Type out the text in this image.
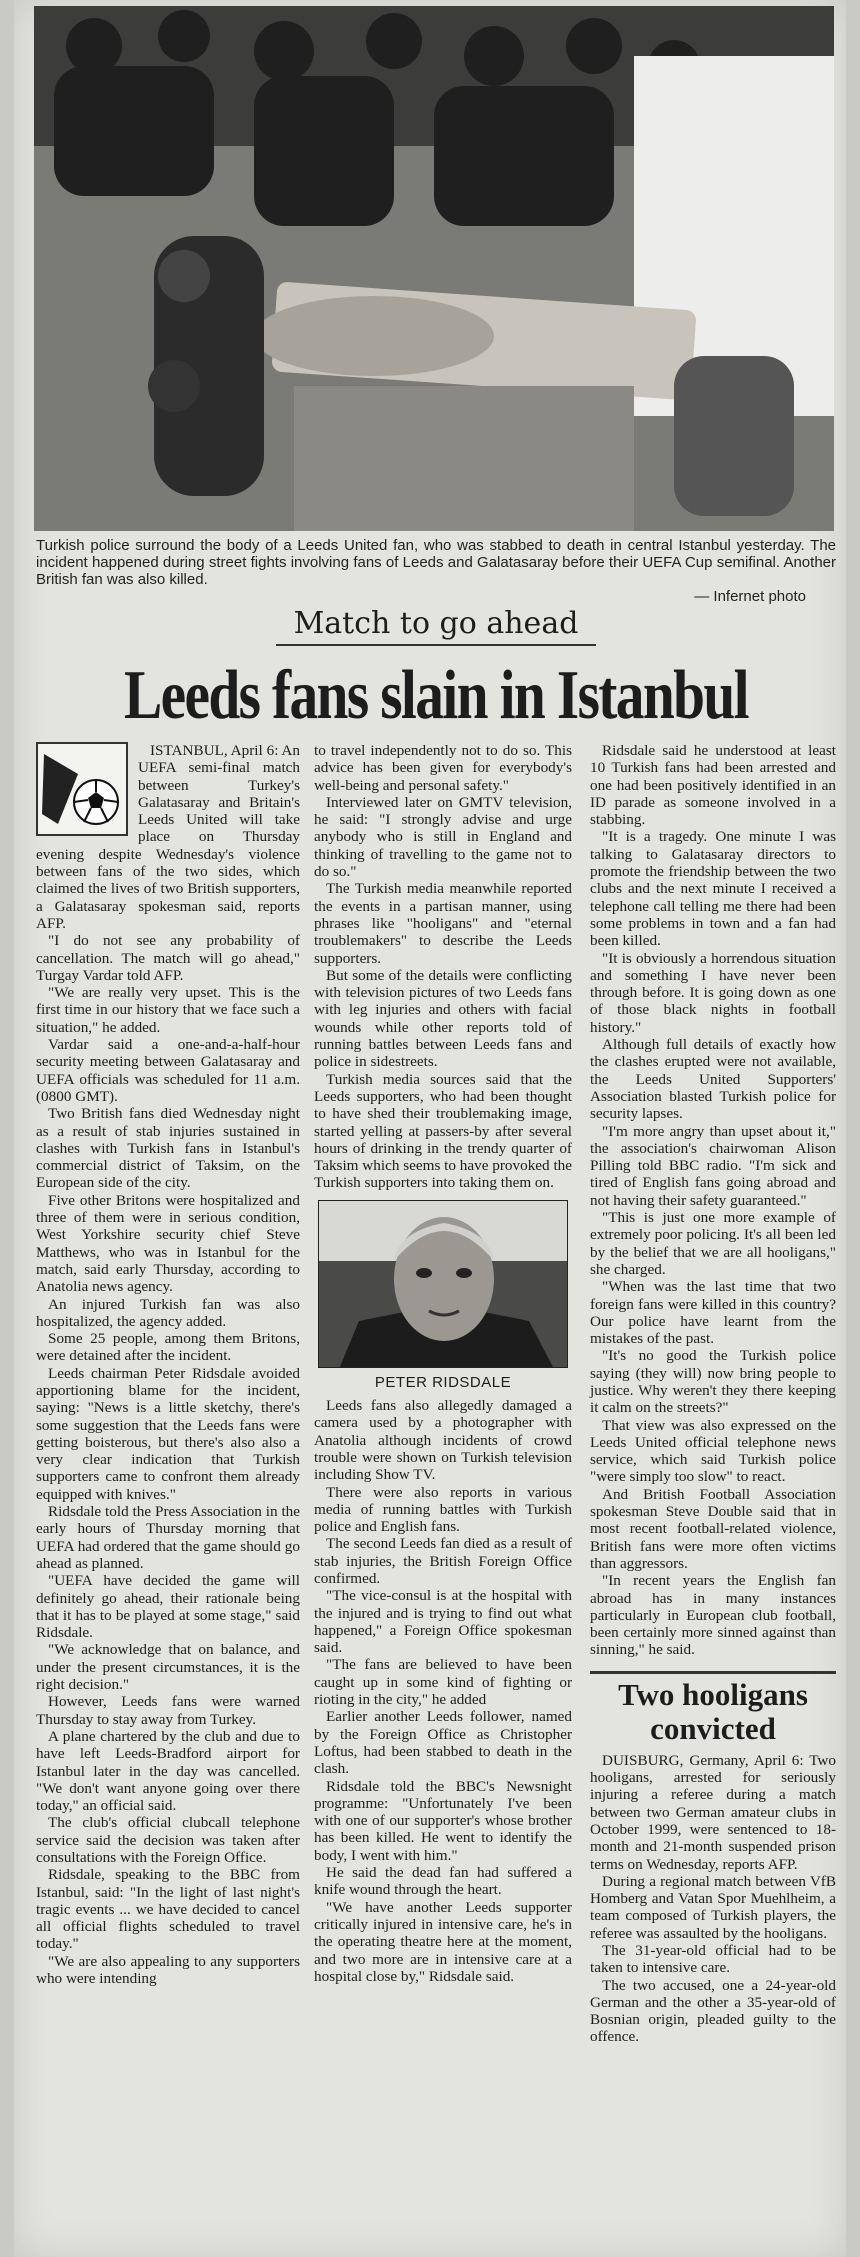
Turkish police surround the body of a Leeds United fan, who was stabbed to death in central Istanbul yesterday. The incident happened during street fights involving fans of Leeds and Galatasaray before their UEFA Cup semifinal. Another British fan was also killed.
— Infernet photo
Match to go ahead
Leeds fans slain in Istanbul

ISTANBUL, April 6: An UEFA semi-final match between Turkey's Galatasaray and Britain's Leeds United will take place on Thursday evening despite Wednesday's violence between fans of the two sides, which claimed the lives of two British supporters, a Galatasaray spokesman said, reports AFP.

"I do not see any probability of cancellation. The match will go ahead," Turgay Vardar told AFP.

"We are really very upset. This is the first time in our history that we face such a situation," he added.

Vardar said a one-and-a-half-hour security meeting between Galatasaray and UEFA officials was scheduled for 11 a.m. (0800 GMT).

Two British fans died Wednesday night as a result of stab injuries sustained in clashes with Turkish fans in Istanbul's commercial district of Taksim, on the European side of the city.

Five other Britons were hospitalized and three of them were in serious condition, West Yorkshire security chief Steve Matthews, who was in Istanbul for the match, said early Thursday, according to Anatolia news agency.

An injured Turkish fan was also hospitalized, the agency added.

Some 25 people, among them Britons, were detained after the incident.

Leeds chairman Peter Ridsdale avoided apportioning blame for the incident, saying: "News is a little sketchy, there's some suggestion that the Leeds fans were getting boisterous, but there's also also a very clear indication that Turkish supporters came to confront them already equipped with knives."

Ridsdale told the Press Association in the early hours of Thursday morning that UEFA had ordered that the game should go ahead as planned.

"UEFA have decided the game will definitely go ahead, their rationale being that it has to be played at some stage," said Ridsdale.

"We acknowledge that on balance, and under the present circumstances, it is the right decision."

However, Leeds fans were warned Thursday to stay away from Turkey.

A plane chartered by the club and due to have left Leeds-Bradford airport for Istanbul later in the day was cancelled. "We don't want anyone going over there today," an official said.

The club's official clubcall telephone service said the decision was taken after consultations with the Foreign Office.

Ridsdale, speaking to the BBC from Istanbul, said: "In the light of last night's tragic events ... we have decided to cancel all official flights scheduled to travel today."

"We are also appealing to any supporters who were intending

to travel independently not to do so. This advice has been given for everybody's well-being and personal safety."

Interviewed later on GMTV television, he said: "I strongly advise and urge anybody who is still in England and thinking of travelling to the game not to do so."

The Turkish media meanwhile reported the events in a partisan manner, using phrases like "hooligans" and "eternal troublemakers" to describe the Leeds supporters.

But some of the details were conflicting with television pictures of two Leeds fans with leg injuries and others with facial wounds while other reports told of running battles between Leeds fans and police in sidestreets.

Turkish media sources said that the Leeds supporters, who had been thought to have shed their troublemaking image, started yelling at passers-by after several hours of drinking in the trendy quarter of Taksim which seems to have provoked the Turkish supporters into taking them on.

PETER RIDSDALE

Leeds fans also allegedly damaged a camera used by a photographer with Anatolia although incidents of crowd trouble were shown on Turkish television including Show TV.

There were also reports in various media of running battles with Turkish police and English fans.

The second Leeds fan died as a result of stab injuries, the British Foreign Office confirmed.

"The vice-consul is at the hospital with the injured and is trying to find out what happened," a Foreign Office spokesman said.

"The fans are believed to have been caught up in some kind of fighting or rioting in the city," he added

Earlier another Leeds follower, named by the Foreign Office as Christopher Loftus, had been stabbed to death in the clash.

Ridsdale told the BBC's Newsnight programme: "Unfortunately I've been with one of our supporter's whose brother has been killed. He went to identify the body, I went with him."

He said the dead fan had suffered a knife wound through the heart.

"We have another Leeds supporter critically injured in intensive care, he's in the operating theatre here at the moment, and two more are in intensive care at a hospital close by," Ridsdale said.

Ridsdale said he understood at least 10 Turkish fans had been arrested and one had been positively identified in an ID parade as someone involved in a stabbing.

"It is a tragedy. One minute I was talking to Galatasaray directors to promote the friendship between the two clubs and the next minute I received a telephone call telling me there had been some problems in town and a fan had been killed.

"It is obviously a horrendous situation and something I have never been through before. It is going down as one of those black nights in football history."

Although full details of exactly how the clashes erupted were not available, the Leeds United Supporters' Association blasted Turkish police for security lapses.

"I'm more angry than upset about it," the association's chairwoman Alison Pilling told BBC radio. "I'm sick and tired of English fans going abroad and not having their safety guaranteed."

"This is just one more example of extremely poor policing. It's all been led by the belief that we are all hooligans," she charged.

"When was the last time that two foreign fans were killed in this country? Our police have learnt from the mistakes of the past.

"It's no good the Turkish police saying (they will) now bring people to justice. Why weren't they there keeping it calm on the streets?"

That view was also expressed on the Leeds United official telephone news service, which said Turkish police "were simply too slow" to react.

And British Football Association spokesman Steve Double said that in most recent football-related violence, British fans were more often victims than aggressors.

"In recent years the English fan abroad has in many instances particularly in European club football, been certainly more sinned against than sinning," he said.

Two hooligans convicted

DUISBURG, Germany, April 6: Two hooligans, arrested for seriously injuring a referee during a match between two German amateur clubs in October 1999, were sentenced to 18-month and 21-month suspended prison terms on Wednesday, reports AFP.

During a regional match between VfB Homberg and Vatan Spor Muehlheim, a team composed of Turkish players, the referee was assaulted by the hooligans.

The 31-year-old official had to be taken to intensive care.

The two accused, one a 24-year-old German and the other a 35-year-old of Bosnian origin, pleaded guilty to the offence.
